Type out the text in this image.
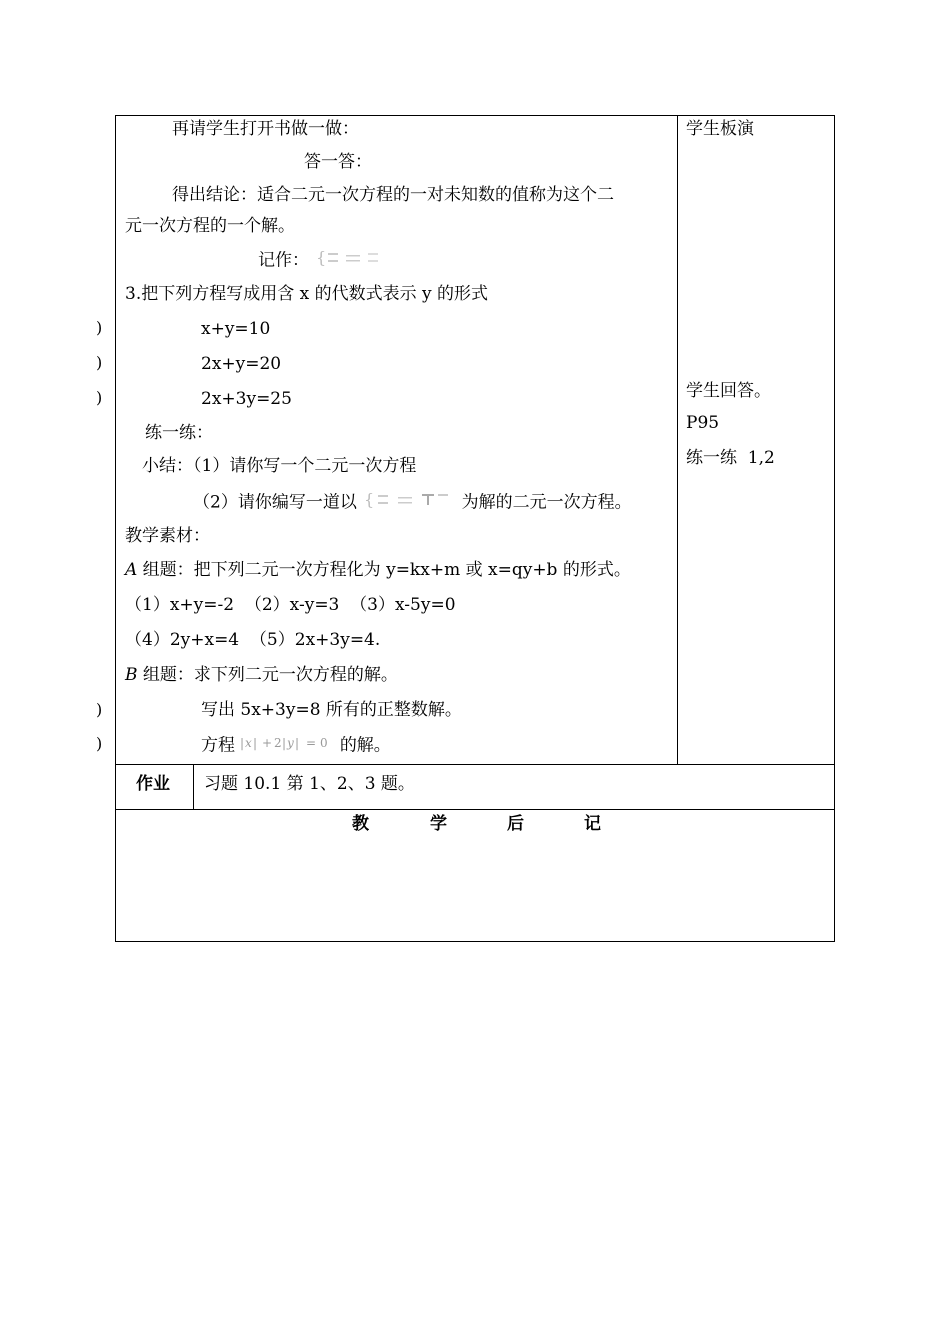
)
)
)
)
)
再请学生打开书做一做：
答一答：
得出结论：适合二元一次方程的一对未知数的值称为这个二
元一次方程的一个解。
记作： {
3.把下列方程写成用含 x 的代数式表示 y 的形式
x+y=10
2x+y=20
2x+3y=25
练一练：
小结：（1）请你写一个二元一次方程
（2）请你编写一道以 {	为解的二元一次方程。
教学素材：
A 组题：把下列二元一次方程化为 y=kx+m 或 x=qy+b 的形式。
（1）x+y=-2  （2）x-y=3  （3）x-5y=0
（4）2y+x=4  （5）2x+3y=4.
B 组题：求下列二元一次方程的解。
写出 5x+3y=8 所有的正整数解。
方程 | x | + 2 | y | = 0 的解。
学生板演
学生回答。
P95
练一练  1,2
作业 习题 10.1 第 1、2、3 题。
教	学	后	记
